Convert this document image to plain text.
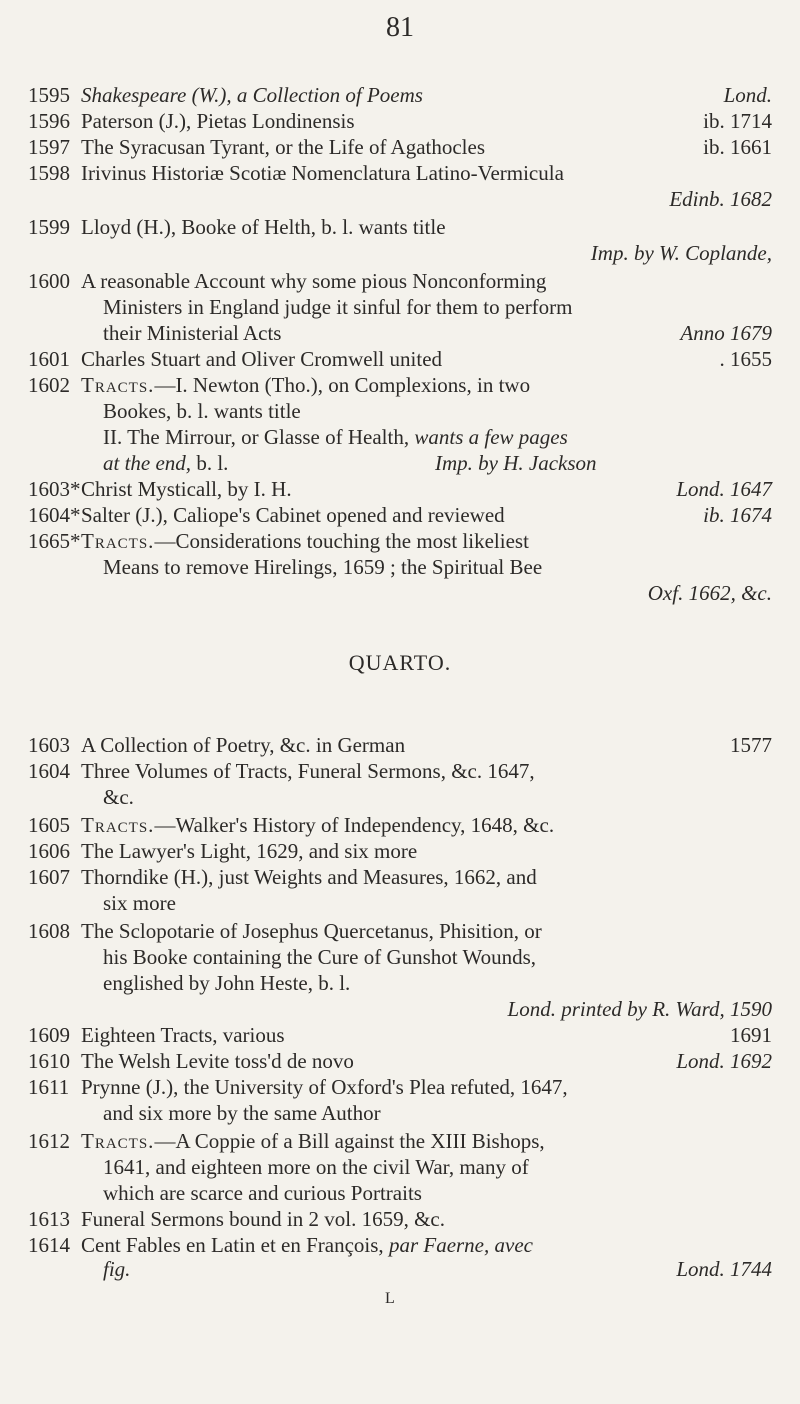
81
1595 Shakespeare (W.), a Collection of Poems	Lond.
1596 Paterson (J.), Pietas Londinensis	ib. 1714
1597 The Syracusan Tyrant, or the Life of Agathocles	ib. 1661
1598 Irivinus Historiæ Scotiæ Nomenclatura Latino-Vermicula
Edinb. 1682
1599 Lloyd (H.), Booke of Helth, b. l. wants title
Imp. by W. Coplande,
1600 A reasonable Account why some pious Nonconforming
Ministers in England judge it sinful for them to perform
their Ministerial Acts	Anno 1679
1601 Charles Stuart and Oliver Cromwell united	. 1655
1602 Tracts.—I. Newton (Tho.), on Complexions, in two
Bookes, b. l. wants title
II. The Mirrour, or Glasse of Health, wants a few pages
at the end, b. l.	Imp. by H. Jackson
1603* Christ Mysticall, by I. H.	Lond. 1647
1604* Salter (J.), Caliope's Cabinet opened and reviewed	ib. 1674
1665* Tracts.—Considerations touching the most likeliest
Means to remove Hirelings, 1659 ; the Spiritual Bee
Oxf. 1662, &c.
QUARTO.
1603 A Collection of Poetry, &c. in German	1577
1604 Three Volumes of Tracts, Funeral Sermons, &c. 1647,
&c.
1605 Tracts.—Walker's History of Independency, 1648, &c.
1606 The Lawyer's Light, 1629, and six more
1607 Thorndike (H.), just Weights and Measures, 1662, and
six more
1608 The Sclopotarie of Josephus Quercetanus, Phisition, or
his Booke containing the Cure of Gunshot Wounds,
englished by John Heste, b. l.
Lond. printed by R. Ward, 1590
1609 Eighteen Tracts, various	1691
1610 The Welsh Levite toss'd de novo	Lond. 1692
1611 Prynne (J.), the University of Oxford's Plea refuted, 1647,
and six more by the same Author
1612 Tracts.—A Coppie of a Bill against the XIII Bishops,
1641, and eighteen more on the civil War, many of
which are scarce and curious Portraits
1613 Funeral Sermons bound in 2 vol. 1659, &c.
1614 Cent Fables en Latin et en François, par Faerne, avec
fig.	Lond. 1744
L
